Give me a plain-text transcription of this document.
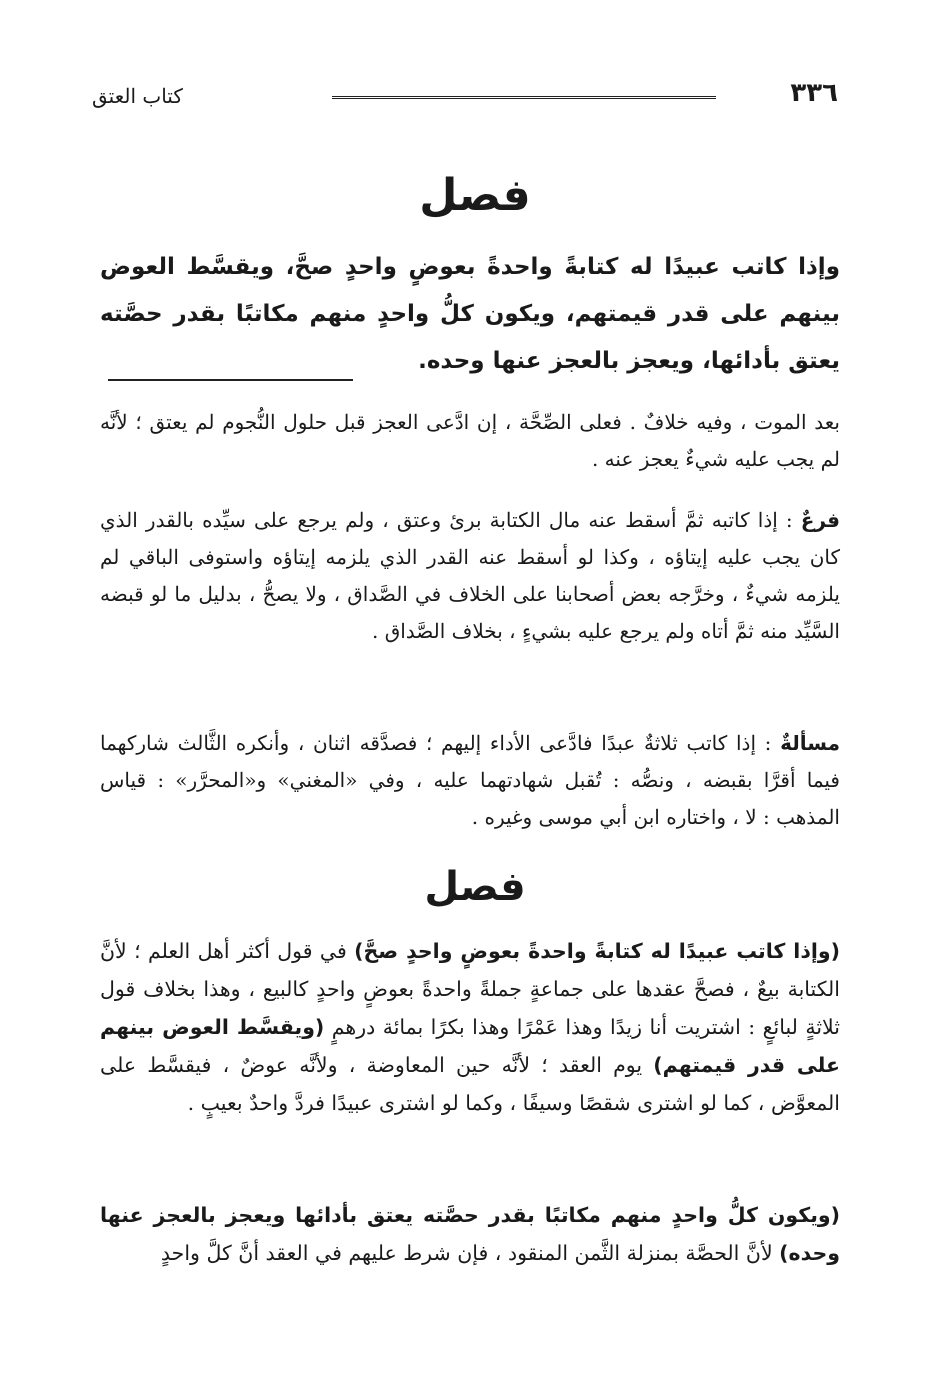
٣٣٦
كتاب العتق
فصل
وإذا كاتب عبيدًا له كتابةً واحدةً بعوضٍ واحدٍ صحَّ، ويقسَّط العوض بينهم على قدر قيمتهم، ويكون كلُّ واحدٍ منهم مكاتبًا بقدر حصَّته يعتق بأدائها، ويعجز بالعجز عنها وحده.
بعد الموت ، وفيه خلافٌ . فعلى الصِّحَّة ، إن ادَّعى العجز قبل حلول النُّجوم لم يعتق ؛ لأنَّه لم يجب عليه شيءٌ يعجز عنه .
فرعٌ : إذا كاتبه ثمَّ أسقط عنه مال الكتابة برئ وعتق ، ولم يرجع على سيِّده بالقدر الذي كان يجب عليه إيتاؤه ، وكذا لو أسقط عنه القدر الذي يلزمه إيتاؤه واستوفى الباقي لم يلزمه شيءٌ ، وخرَّجه بعض أصحابنا على الخلاف في الصَّداق ، ولا يصحُّ ، بدليل ما لو قبضه السَّيِّد منه ثمَّ أتاه ولم يرجع عليه بشيءٍ ، بخلاف الصَّداق .
مسألةٌ : إذا كاتب ثلاثةٌ عبدًا فادَّعى الأداء إليهم ؛ فصدَّقه اثنان ، وأنكره الثَّالث شاركهما فيما أقرَّا بقبضه ، ونصُّه : تُقبل شهادتهما عليه ، وفي «المغني» و«المحرَّر» : قياس المذهب : لا ، واختاره ابن أبي موسى وغيره .
فصل
(وإذا كاتب عبيدًا له كتابةً واحدةً بعوضٍ واحدٍ صحَّ) في قول أكثر أهل العلم ؛ لأنَّ الكتابة بيعٌ ، فصحَّ عقدها على جماعةٍ جملةً واحدةً بعوضٍ واحدٍ كالبيع ، وهذا بخلاف قول ثلاثةٍ لبائعٍ : اشتريت أنا زيدًا وهذا عَمْرًا وهذا بكرًا بمائة درهمٍ (ويقسَّط العوض بينهم على قدر قيمتهم) يوم العقد ؛ لأنَّه حين المعاوضة ، ولأنَّه عوضٌ ، فيقسَّط على المعوَّض ، كما لو اشترى شقصًا وسيفًا ، وكما لو اشترى عبيدًا فردَّ واحدٌ بعيبٍ .
(ويكون كلُّ واحدٍ منهم مكاتبًا بقدر حصَّته يعتق بأدائها ويعجز بالعجز عنها وحده) لأنَّ الحصَّة بمنزلة الثَّمن المنقود ، فإن شرط عليهم في العقد أنَّ كلَّ واحدٍ
